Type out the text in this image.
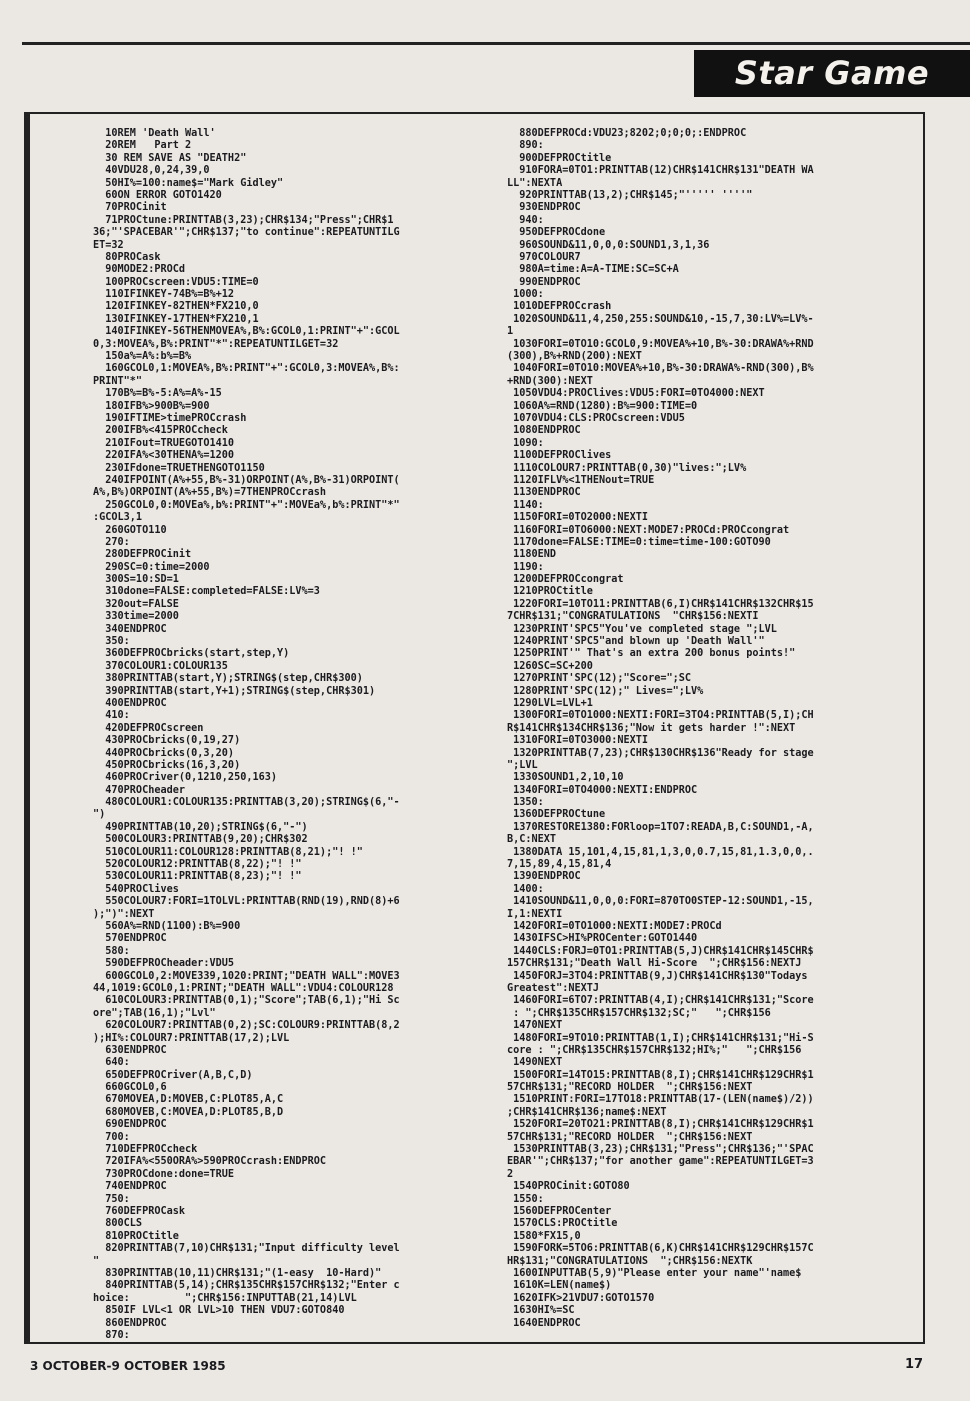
Star Game
10REM 'Death Wall'
20REM   Part 2
30 REM SAVE AS "DEATH2"
40VDU28,0,24,39,0
50HI%=100:name$="Mark Gidley"
60ON ERROR GOTO1420
70PROCinit
71PROCtune:PRINTTAB(3,23);CHR$134;"Press";CHR$1
36;"'SPACEBAR'";CHR$137;"to continue":REPEATUNTILG
ET=32
80PROCask
90MODE2:PROCd
100PROCscreen:VDU5:TIME=0
110IFINKEY-74B%=B%+12
120IFINKEY-82THEN*FX210,0
130IFINKEY-17THEN*FX210,1
140IFINKEY-56THENMOVEA%,B%:GCOL0,1:PRINT"+":GCOL
0,3:MOVEA%,B%:PRINT"*":REPEATUNTILGET=32
150a%=A%:b%=B%
160GCOL0,1:MOVEA%,B%:PRINT"+":GCOL0,3:MOVEA%,B%:
PRINT"*"
170B%=B%-5:A%=A%-15
180IFB%>900B%=900
190IFTIME>timePROCcrash
200IFB%<415PROCcheck
210IFout=TRUEGOTO1410
220IFA%<30THENA%=1200
230IFdone=TRUETHENGOTO1150
240IFPOINT(A%+55,B%-31)ORPOINT(A%,B%-31)ORPOINT(
A%,B%)ORPOINT(A%+55,B%)=7THENPROCcrash
250GCOL0,0:MOVEa%,b%:PRINT"+":MOVEa%,b%:PRINT"*"
:GCOL3,1
260GOTO110
270:
280DEFPROCinit
290SC=0:time=2000
300S=10:SD=1
310done=FALSE:completed=FALSE:LV%=3
320out=FALSE
330time=2000
340ENDPROC
350:
360DEFPROCbricks(start,step,Y)
370COLOUR1:COLOUR135
380PRINTTAB(start,Y);STRING$(step,CHR$300)
390PRINTTAB(start,Y+1);STRING$(step,CHR$301)
400ENDPROC
410:
420DEFPROCscreen
430PROCbricks(0,19,27)
440PROCbricks(0,3,20)
450PROCbricks(16,3,20)
460PROCriver(0,1210,250,163)
470PROCheader
480COLOUR1:COLOUR135:PRINTTAB(3,20);STRING$(6,"-
")
490PRINTTAB(10,20);STRING$(6,"-")
500COLOUR3:PRINTTAB(9,20);CHR$302
510COLOUR11:COLOUR128:PRINTTAB(8,21);"! !"
520COLOUR12:PRINTTAB(8,22);"! !"
530COLOUR11:PRINTTAB(8,23);"! !"
540PROClives
550COLOUR7:FORI=1TOLVL:PRINTTAB(RND(19),RND(8)+6
);")":NEXT
560A%=RND(1100):B%=900
570ENDPROC
580:
590DEFPROCheader:VDU5
600GCOL0,2:MOVE339,1020:PRINT;"DEATH WALL":MOVE3
44,1019:GCOL0,1:PRINT;"DEATH WALL":VDU4:COLOUR128
610COLOUR3:PRINTTAB(0,1);"Score";TAB(6,1);"Hi Sc
ore";TAB(16,1);"Lvl"
620COLOUR7:PRINTTAB(0,2);SC:COLOUR9:PRINTTAB(8,2
);HI%:COLOUR7:PRINTTAB(17,2);LVL
630ENDPROC
640:
650DEFPROCriver(A,B,C,D)
660GCOL0,6
670MOVEA,D:MOVEB,C:PLOT85,A,C
680MOVEB,C:MOVEA,D:PLOT85,B,D
690ENDPROC
700:
710DEFPROCcheck
720IFA%<550ORA%>590PROCcrash:ENDPROC
730PROCdone:done=TRUE
740ENDPROC
750:
760DEFPROCask
800CLS
810PROCtitle
820PRINTTAB(7,10)CHR$131;"Input difficulty level
"
830PRINTTAB(10,11)CHR$131;"(1-easy  10-Hard)"
840PRINTTAB(5,14);CHR$135CHR$157CHR$132;"Enter c
hoice:         ";CHR$156:INPUTTAB(21,14)LVL
850IF LVL<1 OR LVL>10 THEN VDU7:GOTO840
860ENDPROC
870:
880DEFPROCd:VDU23;8202;0;0;0;:ENDPROC
890:
900DEFPROCtitle
910FORA=0TO1:PRINTTAB(12)CHR$141CHR$131"DEATH WA
LL":NEXTA
920PRINTTAB(13,2);CHR$145;"''''' ''''"
930ENDPROC
940:
950DEFPROCdone
960SOUND&11,0,0,0:SOUND1,3,1,36
970COLOUR7
980A=time:A=A-TIME:SC=SC+A
990ENDPROC
1000:
1010DEFPROCcrash
1020SOUND&11,4,250,255:SOUND&10,-15,7,30:LV%=LV%-
1
1030FORI=0TO10:GCOL0,9:MOVEA%+10,B%-30:DRAWA%+RND
(300),B%+RND(200):NEXT
1040FORI=0TO10:MOVEA%+10,B%-30:DRAWA%-RND(300),B%
+RND(300):NEXT
1050VDU4:PROClives:VDU5:FORI=0TO4000:NEXT
1060A%=RND(1280):B%=900:TIME=0
1070VDU4:CLS:PROCscreen:VDU5
1080ENDPROC
1090:
1100DEFPROClives
1110COLOUR7:PRINTTAB(0,30)"lives:";LV%
1120IFLV%<1THENout=TRUE
1130ENDPROC
1140:
1150FORI=0TO2000:NEXTI
1160FORI=0TO6000:NEXT:MODE7:PROCd:PROCcongrat
1170done=FALSE:TIME=0:time=time-100:GOTO90
1180END
1190:
1200DEFPROCcongrat
1210PROCtitle
1220FORI=10TO11:PRINTTAB(6,I)CHR$141CHR$132CHR$15
7CHR$131;"CONGRATULATIONS  "CHR$156:NEXTI
1230PRINT'SPC5"You've completed stage ";LVL
1240PRINT'SPC5"and blown up 'Death Wall'"
1250PRINT'" That's an extra 200 bonus points!"
1260SC=SC+200
1270PRINT'SPC(12);"Score=";SC
1280PRINT'SPC(12);" Lives=";LV%
1290LVL=LVL+1
1300FORI=0TO1000:NEXTI:FORI=3TO4:PRINTTAB(5,I);CH
R$141CHR$134CHR$136;"Now it gets harder !":NEXT
1310FORI=0TO3000:NEXTI
1320PRINTTAB(7,23);CHR$130CHR$136"Ready for stage
";LVL
1330SOUND1,2,10,10
1340FORI=0TO4000:NEXTI:ENDPROC
1350:
1360DEFPROCtune
1370RESTORE1380:FORloop=1TO7:READA,B,C:SOUND1,-A,
B,C:NEXT
1380DATA 15,101,4,15,81,1,3,0,0.7,15,81,1.3,0,0,.
7,15,89,4,15,81,4
1390ENDPROC
1400:
1410SOUND&11,0,0,0:FORI=870TO0STEP-12:SOUND1,-15,
I,1:NEXTI
1420FORI=0TO1000:NEXTI:MODE7:PROCd
1430IFSC>HI%PROCenter:GOTO1440
1440CLS:FORJ=0TO1:PRINTTAB(5,J)CHR$141CHR$145CHR$
157CHR$131;"Death Wall Hi-Score  ";CHR$156:NEXTJ
1450FORJ=3TO4:PRINTTAB(9,J)CHR$141CHR$130"Todays
Greatest":NEXTJ
1460FORI=6TO7:PRINTTAB(4,I);CHR$141CHR$131;"Score
: ";CHR$135CHR$157CHR$132;SC;"   ";CHR$156
1470NEXT
1480FORI=9TO10:PRINTTAB(1,I);CHR$141CHR$131;"Hi-S
core : ";CHR$135CHR$157CHR$132;HI%;"   ";CHR$156
1490NEXT
1500FORI=14TO15:PRINTTAB(8,I);CHR$141CHR$129CHR$1
57CHR$131;"RECORD HOLDER  ";CHR$156:NEXT
1510PRINT:FORI=17TO18:PRINTTAB(17-(LEN(name$)/2))
;CHR$141CHR$136;name$:NEXT
1520FORI=20TO21:PRINTTAB(8,I);CHR$141CHR$129CHR$1
57CHR$131;"RECORD HOLDER  ";CHR$156:NEXT
1530PRINTTAB(3,23);CHR$131;"Press";CHR$136;"'SPAC
EBAR'";CHR$137;"for another game":REPEATUNTILGET=3
2
1540PROCinit:GOTO80
1550:
1560DEFPROCenter
1570CLS:PROCtitle
1580*FX15,0
1590FORK=5TO6:PRINTTAB(6,K)CHR$141CHR$129CHR$157C
HR$131;"CONGRATULATIONS  ";CHR$156:NEXTK
1600INPUTTAB(5,9)"Please enter your name"'name$
1610K=LEN(name$)
1620IFK>21VDU7:GOTO1570
1630HI%=SC
1640ENDPROC
3 OCTOBER-9 OCTOBER 1985	17
